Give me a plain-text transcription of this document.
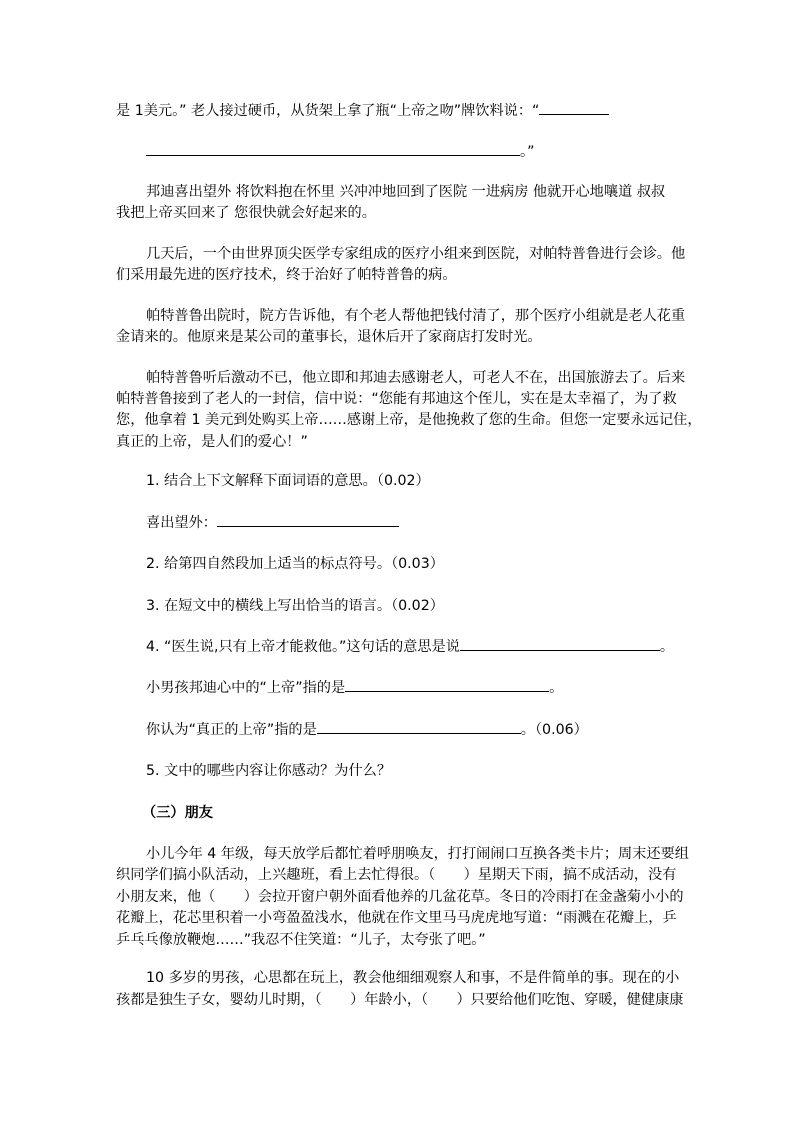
是 1美元。” 老人接过硬币，从货架上拿了瓶“上帝之吻”牌饮料说：“
。”
邦迪喜出望外 将饮料抱在怀里 兴冲冲地回到了医院 一进病房 他就开心地嚷道 叔叔
我把上帝买回来了 您很快就会好起来的。
几天后，一个由世界顶尖医学专家组成的医疗小组来到医院，对帕特普鲁进行会诊。他
们采用最先进的医疗技术，终于治好了帕特普鲁的病。
帕特普鲁出院时，院方告诉他，有个老人帮他把钱付清了，那个医疗小组就是老人花重
金请来的。他原来是某公司的董事长，退休后开了家商店打发时光。
帕特普鲁听后激动不已，他立即和邦迪去感谢老人，可老人不在，出国旅游去了。后来
帕特普鲁接到了老人的一封信，信中说：“您能有邦迪这个侄儿，实在是太幸福了，为了救
您，他拿着 1 美元到处购买上帝……感谢上帝，是他挽救了您的生命。但您一定要永远记住，
真正的上帝，是人们的爱心！”
1. 结合上下文解释下面词语的意思。（0.02）
喜出望外：
2. 给第四自然段加上适当的标点符号。（0.03）
3. 在短文中的横线上写出恰当的语言。（0.02）
4. “医生说,只有上帝才能救他。”这句话的意思是说	。
小男孩邦迪心中的“上帝”指的是	。
你认为“真正的上帝”指的是	。（0.06）
5. 文中的哪些内容让你感动？为什么？
（三）朋友
小儿今年 4 年级，每天放学后都忙着呼朋唤友，打打闹闹口互换各类卡片；周末还要组
织同学们搞小队活动，上兴趣班，看上去忙得很。（　　）星期天下雨，搞不成活动，没有
小朋友来，他（　　）会拉开窗户朝外面看他养的几盆花草。冬日的冷雨打在金盏菊小小的
花瓣上，花芯里积着一小弯盈盈浅水，他就在作文里马马虎虎地写道：“雨溅在花瓣上，乒
乒乓乓像放鞭炮……”我忍不住笑道：“儿子，太夸张了吧。”
10 多岁的男孩，心思都在玩上，教会他细细观察人和事，不是件简单的事。现在的小
孩都是独生子女，婴幼儿时期，（　　）年龄小，（　　）只要给他们吃饱、穿暖，健健康康
